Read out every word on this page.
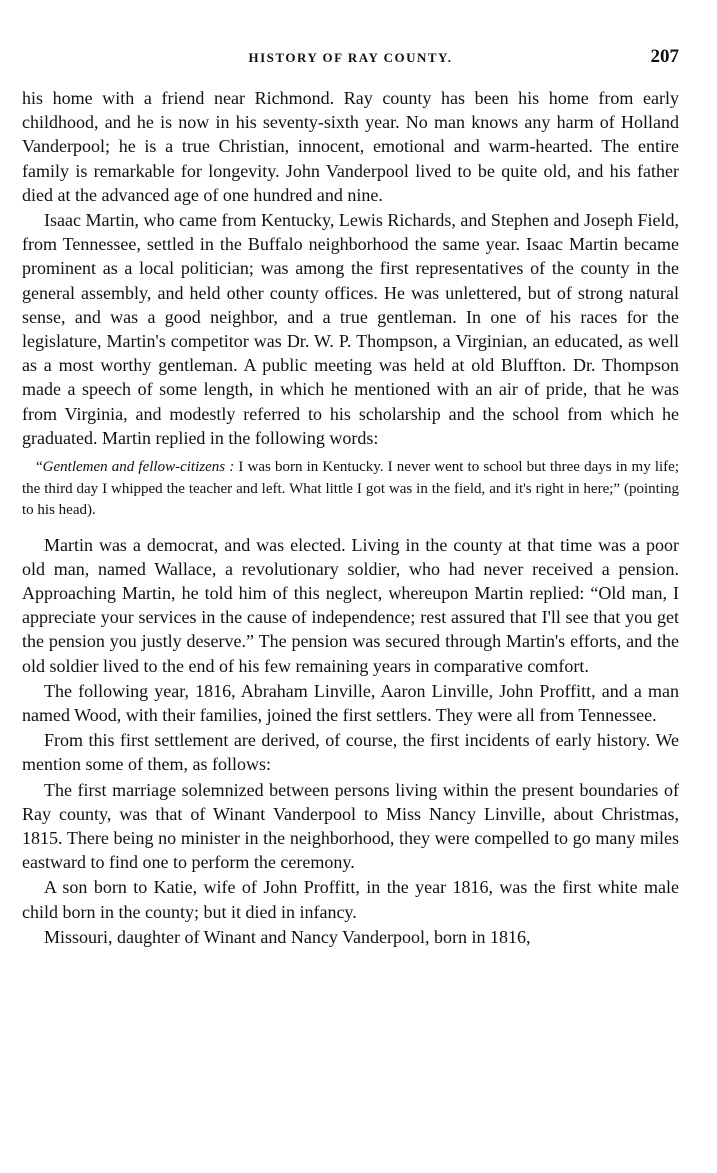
HISTORY OF RAY COUNTY.	207

his home with a friend near Richmond. Ray county has been his home from early childhood, and he is now in his seventy-sixth year. No man knows any harm of Holland Vanderpool; he is a true Christian, innocent, emotional and warm-hearted. The entire family is remarkable for longevity. John Vanderpool lived to be quite old, and his father died at the advanced age of one hundred and nine.

Isaac Martin, who came from Kentucky, Lewis Richards, and Stephen and Joseph Field, from Tennessee, settled in the Buffalo neighborhood the same year. Isaac Martin became prominent as a local politician; was among the first representatives of the county in the general assembly, and held other county offices. He was unlettered, but of strong natural sense, and was a good neighbor, and a true gentleman. In one of his races for the legislature, Martin's competitor was Dr. W. P. Thompson, a Virginian, an educated, as well as a most worthy gentleman. A public meeting was held at old Bluffton. Dr. Thompson made a speech of some length, in which he mentioned with an air of pride, that he was from Virginia, and modestly referred to his scholarship and the school from which he graduated. Martin replied in the following words:

“Gentlemen and fellow-citizens : I was born in Kentucky. I never went to school but three days in my life; the third day I whipped the teacher and left. What little I got was in the field, and it's right in here;” (pointing to his head).

Martin was a democrat, and was elected. Living in the county at that time was a poor old man, named Wallace, a revolutionary soldier, who had never received a pension. Approaching Martin, he told him of this neglect, whereupon Martin replied: “Old man, I appreciate your services in the cause of independence; rest assured that I'll see that you get the pension you justly deserve.” The pension was secured through Martin's efforts, and the old soldier lived to the end of his few remaining years in comparative comfort.

The following year, 1816, Abraham Linville, Aaron Linville, John Proffitt, and a man named Wood, with their families, joined the first settlers. They were all from Tennessee.

From this first settlement are derived, of course, the first incidents of early history. We mention some of them, as follows:

The first marriage solemnized between persons living within the present boundaries of Ray county, was that of Winant Vanderpool to Miss Nancy Linville, about Christmas, 1815. There being no minister in the neighborhood, they were compelled to go many miles eastward to find one to perform the ceremony.

A son born to Katie, wife of John Proffitt, in the year 1816, was the first white male child born in the county; but it died in infancy.

Missouri, daughter of Winant and Nancy Vanderpool, born in 1816,
